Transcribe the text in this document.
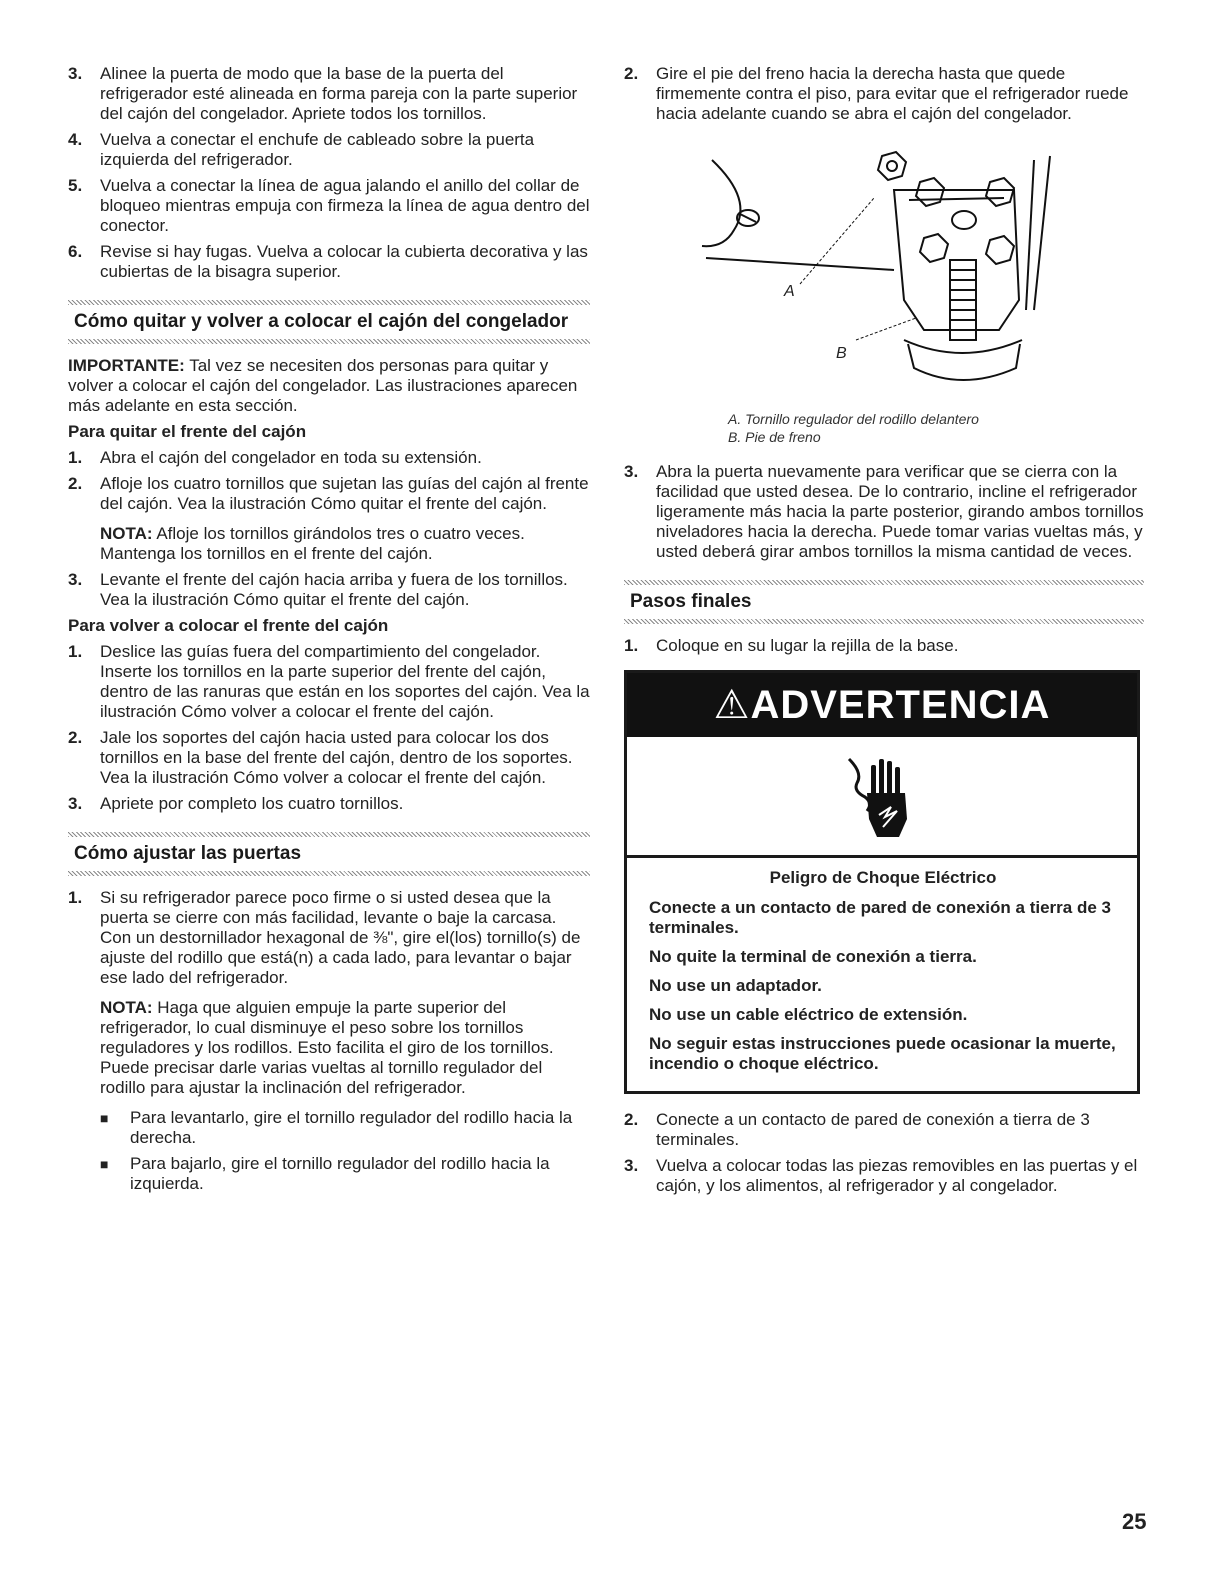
3.	Alinee la puerta de modo que la base de la puerta del refrigerador esté alineada en forma pareja con la parte superior del cajón del congelador. Apriete todos los tornillos.
4.	Vuelva a conectar el enchufe de cableado sobre la puerta izquierda del refrigerador.
5.	Vuelva a conectar la línea de agua jalando el anillo del collar de bloqueo mientras empuja con firmeza la línea de agua dentro del conector.
6.	Revise si hay fugas. Vuelva a colocar la cubierta decorativa y las cubiertas de la bisagra superior.
Cómo quitar y volver a colocar el cajón del congelador
IMPORTANTE: Tal vez se necesiten dos personas para quitar y volver a colocar el cajón del congelador. Las ilustraciones aparecen más adelante en esta sección.
Para quitar el frente del cajón
1.	Abra el cajón del congelador en toda su extensión.
2.	Afloje los cuatro tornillos que sujetan las guías del cajón al frente del cajón. Vea la ilustración Cómo quitar el frente del cajón.
NOTA: Afloje los tornillos girándolos tres o cuatro veces. Mantenga los tornillos en el frente del cajón.
3.	Levante el frente del cajón hacia arriba y fuera de los tornillos. Vea la ilustración Cómo quitar el frente del cajón.
Para volver a colocar el frente del cajón
1.	Deslice las guías fuera del compartimiento del congelador. Inserte los tornillos en la parte superior del frente del cajón, dentro de las ranuras que están en los soportes del cajón. Vea la ilustración Cómo volver a colocar el frente del cajón.
2.	Jale los soportes del cajón hacia usted para colocar los dos tornillos en la base del frente del cajón, dentro de los soportes. Vea la ilustración Cómo volver a colocar el frente del cajón.
3.	Apriete por completo los cuatro tornillos.
Cómo ajustar las puertas
1.	Si su refrigerador parece poco firme o si usted desea que la puerta se cierre con más facilidad, levante o baje la carcasa. Con un destornillador hexagonal de ⅜", gire el(los) tornillo(s) de ajuste del rodillo que está(n) a cada lado, para levantar o bajar ese lado del refrigerador.
NOTA: Haga que alguien empuje la parte superior del refrigerador, lo cual disminuye el peso sobre los tornillos reguladores y los rodillos. Esto facilita el giro de los tornillos. Puede precisar darle varias vueltas al tornillo regulador del rodillo para ajustar la inclinación del refrigerador.
■	Para levantarlo, gire el tornillo regulador del rodillo hacia la derecha.
■	Para bajarlo, gire el tornillo regulador del rodillo hacia la izquierda.
2.	Gire el pie del freno hacia la derecha hasta que quede firmemente contra el piso, para evitar que el refrigerador ruede hacia adelante cuando se abra el cajón del congelador.
A
B
A. Tornillo regulador del rodillo delantero
B. Pie de freno
3.	Abra la puerta nuevamente para verificar que se cierra con la facilidad que usted desea. De lo contrario, incline el refrigerador ligeramente más hacia la parte posterior, girando ambos tornillos niveladores hacia la derecha. Puede tomar varias vueltas más, y usted deberá girar ambos tornillos la misma cantidad de veces.
Pasos finales
1.	Coloque en su lugar la rejilla de la base.
⚠ADVERTENCIA
Peligro de Choque Eléctrico
Conecte a un contacto de pared de conexión a tierra de 3 terminales.
No quite la terminal de conexión a tierra.
No use un adaptador.
No use un cable eléctrico de extensión.
No seguir estas instrucciones puede ocasionar la muerte, incendio o choque eléctrico.
2.	Conecte a un contacto de pared de conexión a tierra de 3 terminales.
3.	Vuelva a colocar todas las piezas removibles en las puertas y el cajón, y los alimentos, al refrigerador y al congelador.
25
